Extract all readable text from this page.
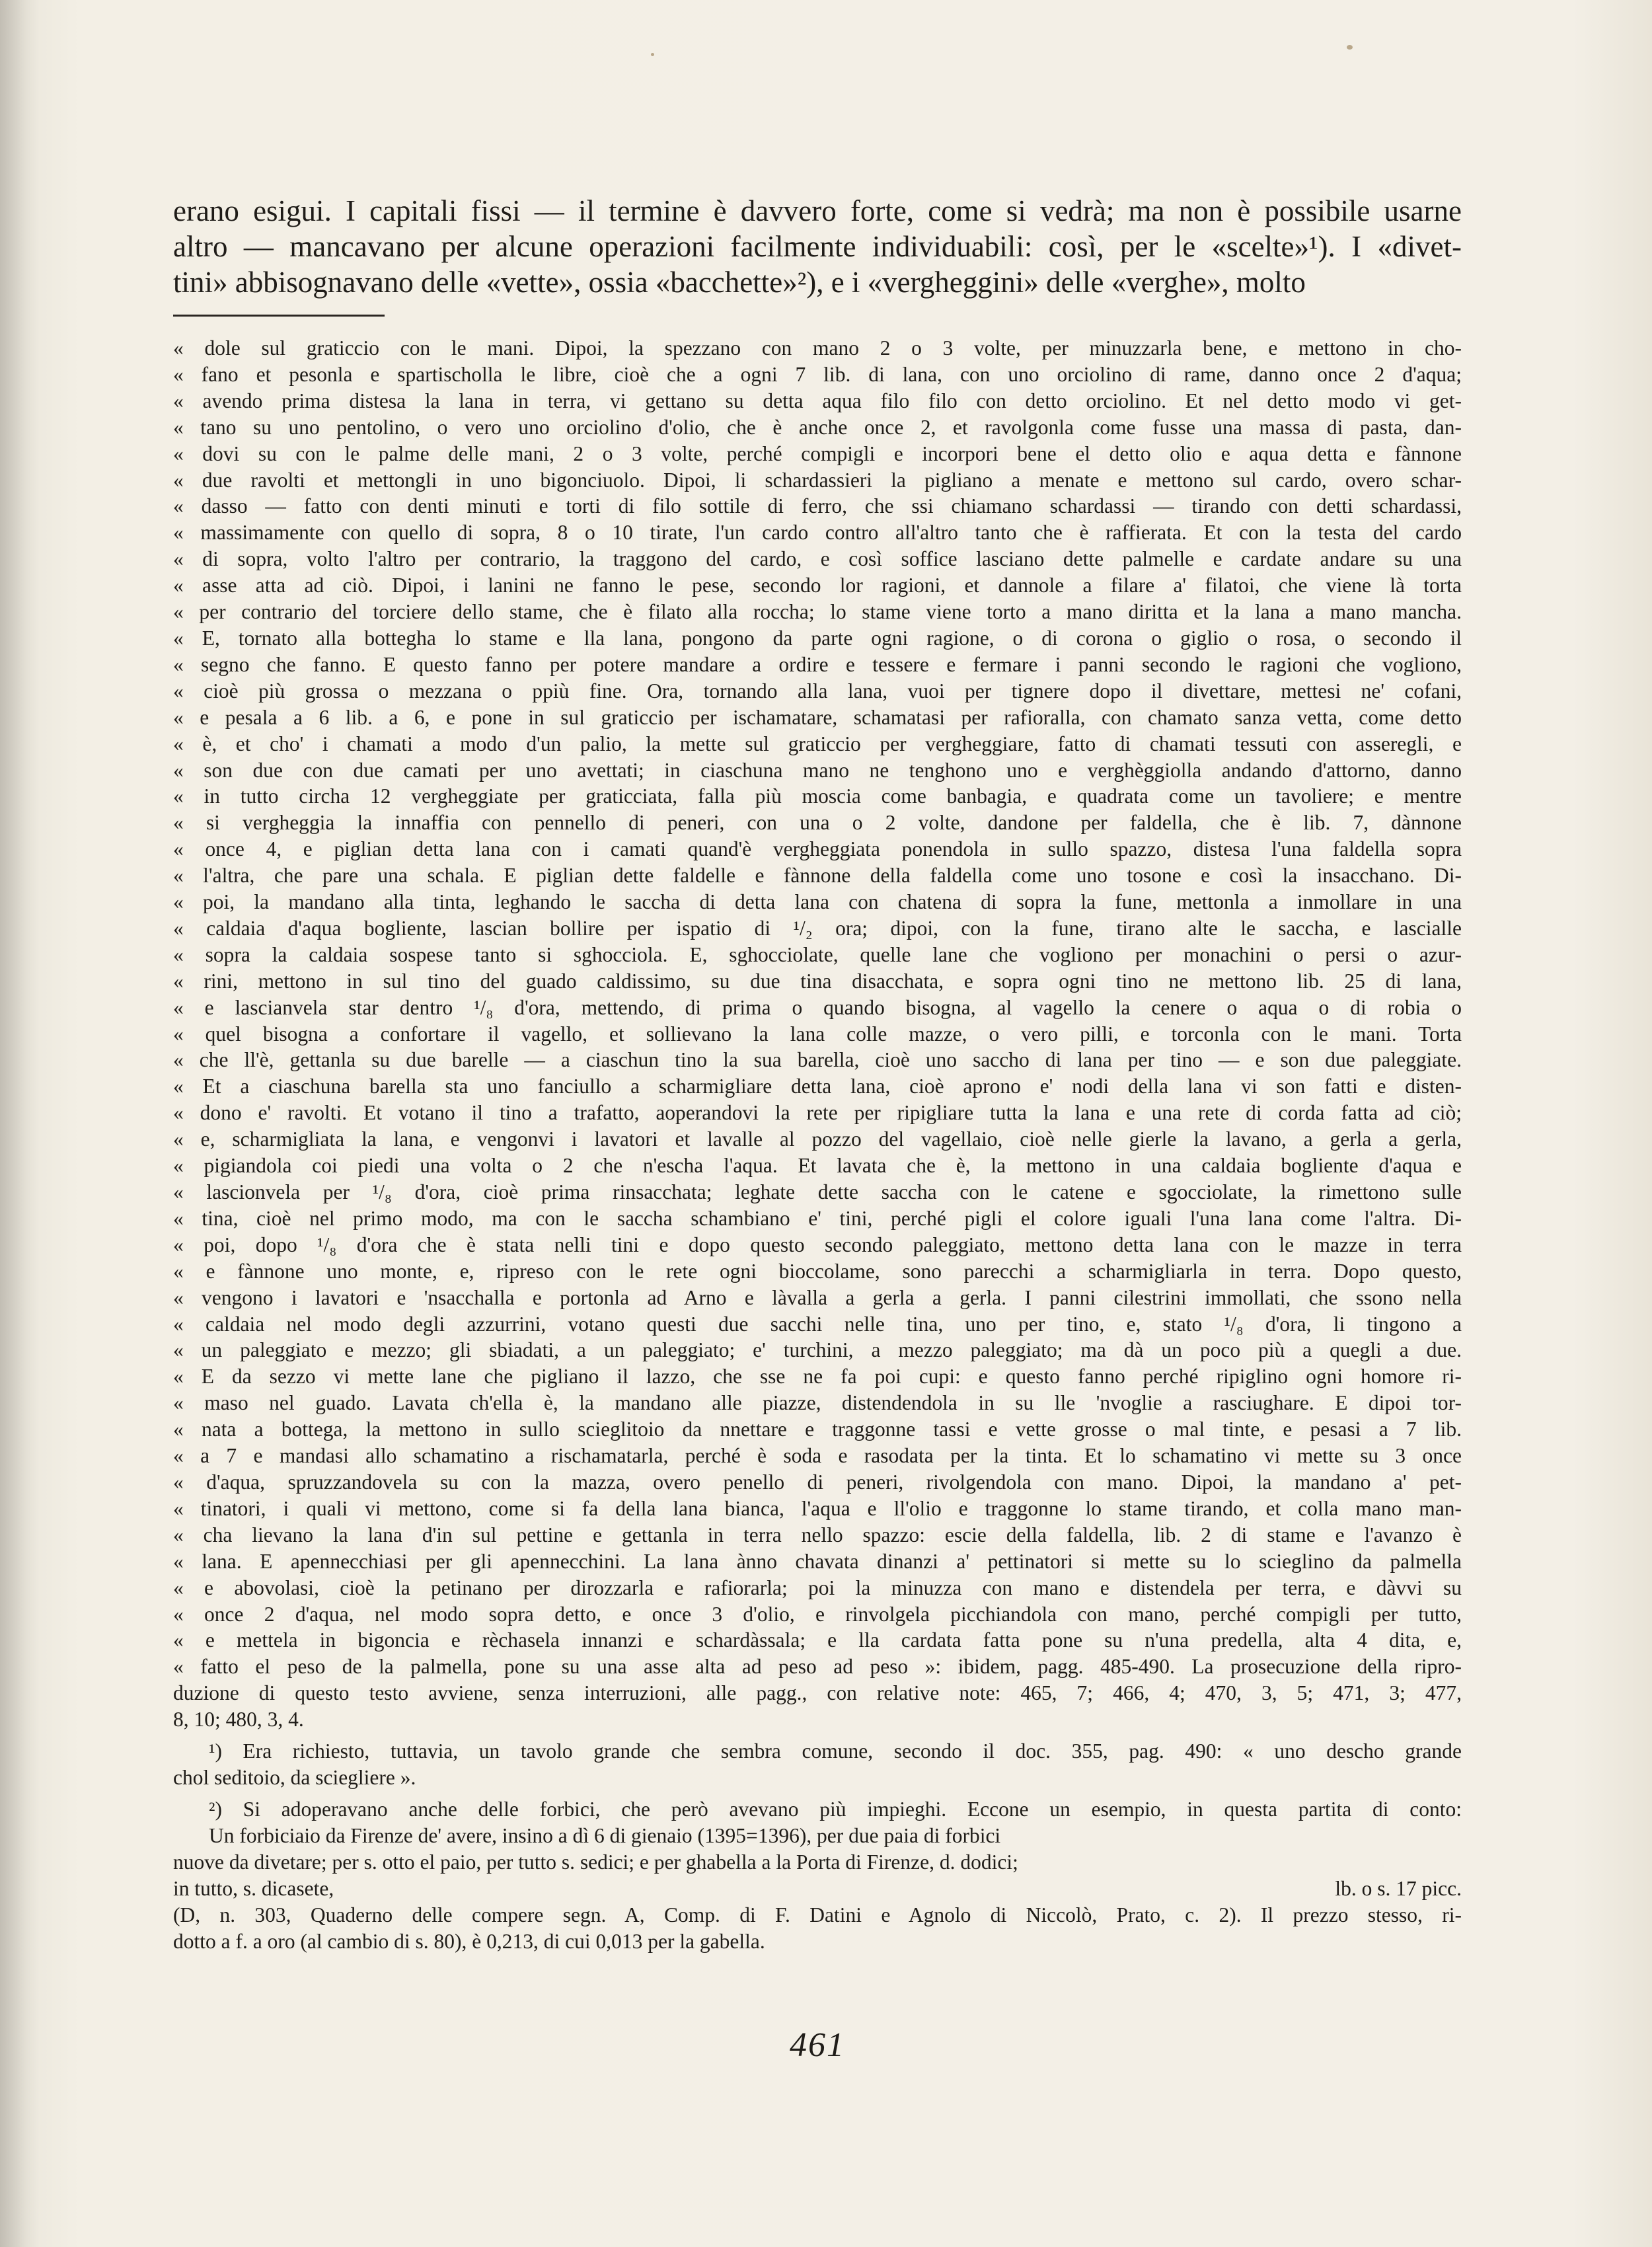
erano esigui. I capitali fissi — il termine è davvero forte, come si vedrà; ma non è possibile usarne
altro — mancavano per alcune operazioni facilmente individuabili: così, per le «scelte»¹). I «divet-
tini» abbisognavano delle «vette», ossia «bacchette»²), e i «vergheggini» delle «verghe», molto

« dole sul graticcio con le mani. Dipoi, la spezzano con mano 2 o 3 volte, per minuzzarla bene, e mettono in cho-
« fano et pesonla e spartischolla le libre, cioè che a ogni 7 lib. di lana, con uno orciolino di rame, danno once 2 d'aqua;
« avendo prima distesa la lana in terra, vi gettano su detta aqua filo filo con detto orciolino. Et nel detto modo vi get-
« tano su uno pentolino, o vero uno orciolino d'olio, che è anche once 2, et ravolgonla come fusse una massa di pasta, dan-
« dovi su con le palme delle mani, 2 o 3 volte, perché compigli e incorpori bene el detto olio e aqua detta e fànnone
« due ravolti et mettongli in uno bigonciuolo. Dipoi, li schardassieri la pigliano a menate e mettono sul cardo, overo schar-
« dasso — fatto con denti minuti e torti di filo sottile di ferro, che ssi chiamano schardassi — tirando con detti schardassi,
« massimamente con quello di sopra, 8 o 10 tirate, l'un cardo contro all'altro tanto che è raffierata. Et con la testa del cardo
« di sopra, volto l'altro per contrario, la traggono del cardo, e così soffice lasciano dette palmelle e cardate andare su una
« asse atta ad ciò. Dipoi, i lanini ne fanno le pese, secondo lor ragioni, et dannole a filare a' filatoi, che viene là torta
« per contrario del torciere dello stame, che è filato alla roccha; lo stame viene torto a mano diritta et la lana a mano mancha.
« E, tornato alla bottegha lo stame e lla lana, pongono da parte ogni ragione, o di corona o giglio o rosa, o secondo il
« segno che fanno. E questo fanno per potere mandare a ordire e tessere e fermare i panni secondo le ragioni che vogliono,
« cioè più grossa o mezzana o ppiù fine. Ora, tornando alla lana, vuoi per tignere dopo il divettare, mettesi ne' cofani,
« e pesala a 6 lib. a 6, e pone in sul graticcio per ischamatare, schamatasi per rafioralla, con chamato sanza vetta, come detto
« è, et cho' i chamati a modo d'un palio, la mette sul graticcio per vergheggiare, fatto di chamati tessuti con asseregli, e
« son due con due camati per uno avettati; in ciaschuna mano ne tenghono uno e verghèggiolla andando d'attorno, danno
« in tutto circha 12 vergheggiate per graticciata, falla più moscia come banbagia, e quadrata come un tavoliere; e mentre
« si vergheggia la innaffia con pennello di peneri, con una o 2 volte, dandone per faldella, che è lib. 7, dànnone
« once 4, e piglian detta lana con i camati quand'è vergheggiata ponendola in sullo spazzo, distesa l'una faldella sopra
« l'altra, che pare una schala. E piglian dette faldelle e fànnone della faldella come uno tosone e così la insacchano. Di-
« poi, la mandano alla tinta, leghando le saccha di detta lana con chatena di sopra la fune, mettonla a inmollare in una
« caldaia d'aqua bogliente, lascian bollire per ispatio di ¹/₂ ora; dipoi, con la fune, tirano alte le saccha, e lascialle
« sopra la caldaia sospese tanto si sghocciola. E, sghocciolate, quelle lane che vogliono per monachini o persi o azur-
« rini, mettono in sul tino del guado caldissimo, su due tina disacchata, e sopra ogni tino ne mettono lib. 25 di lana,
« e lascianvela star dentro ¹/₈ d'ora, mettendo, di prima o quando bisogna, al vagello la cenere o aqua o di robia o
« quel bisogna a confortare il vagello, et sollievano la lana colle mazze, o vero pilli, e torconla con le mani. Torta
« che ll'è, gettanla su due barelle — a ciaschun tino la sua barella, cioè uno saccho di lana per tino — e son due paleggiate.
« Et a ciaschuna barella sta uno fanciullo a scharmigliare detta lana, cioè aprono e' nodi della lana vi son fatti e disten-
« dono e' ravolti. Et votano il tino a trafatto, aoperandovi la rete per ripigliare tutta la lana e una rete di corda fatta ad ciò;
« e, scharmigliata la lana, e vengonvi i lavatori et lavalle al pozzo del vagellaio, cioè nelle gierle la lavano, a gerla a gerla,
« pigiandola coi piedi una volta o 2 che n'escha l'aqua. Et lavata che è, la mettono in una caldaia bogliente d'aqua e
« lascionvela per ¹/₈ d'ora, cioè prima rinsacchata; leghate dette saccha con le catene e sgocciolate, la rimettono sulle
« tina, cioè nel primo modo, ma con le saccha schambiano e' tini, perché pigli el colore iguali l'una lana come l'altra. Di-
« poi, dopo ¹/₈ d'ora che è stata nelli tini e dopo questo secondo paleggiato, mettono detta lana con le mazze in terra
« e fànnone uno monte, e, ripreso con le rete ogni bioccolame, sono parecchi a scharmigliarla in terra. Dopo questo,
« vengono i lavatori e 'nsacchalla e portonla ad Arno e làvalla a gerla a gerla. I panni cilestrini immollati, che ssono nella
« caldaia nel modo degli azzurrini, votano questi due sacchi nelle tina, uno per tino, e, stato ¹/₈ d'ora, li tingono a
« un paleggiato e mezzo; gli sbiadati, a un paleggiato; e' turchini, a mezzo paleggiato; ma dà un poco più a quegli a due.
« E da sezzo vi mette lane che pigliano il lazzo, che sse ne fa poi cupi: e questo fanno perché ripiglino ogni homore ri-
« maso nel guado. Lavata ch'ella è, la mandano alle piazze, distendendola in su lle 'nvoglie a rasciughare. E dipoi tor-
« nata a bottega, la mettono in sullo scieglitoio da nnettare e traggonne tassi e vette grosse o mal tinte, e pesasi a 7 lib.
« a 7 e mandasi allo schamatino a rischamatarla, perché è soda e rasodata per la tinta. Et lo schamatino vi mette su 3 once
« d'aqua, spruzzandovela su con la mazza, overo penello di peneri, rivolgendola con mano. Dipoi, la mandano a' pet-
« tinatori, i quali vi mettono, come si fa della lana bianca, l'aqua e ll'olio e traggonne lo stame tirando, et colla mano man-
« cha lievano la lana d'in sul pettine e gettanla in terra nello spazzo: escie della faldella, lib. 2 di stame e l'avanzo è
« lana. E apennecchiasi per gli apennecchini. La lana ànno chavata dinanzi a' pettinatori si mette su lo scieglino da palmella
« e abovolasi, cioè la petinano per dirozzarla e rafiorarla; poi la minuzza con mano e distendela per terra, e dàvvi su
« once 2 d'aqua, nel modo sopra detto, e once 3 d'olio, e rinvolgela picchiandola con mano, perché compigli per tutto,
« e mettela in bigoncia e rèchasela innanzi e schardàssala; e lla cardata fatta pone su n'una predella, alta 4 dita, e,
« fatto el peso de la palmella, pone su una asse alta ad peso ad peso »: ibidem, pagg. 485-490. La prosecuzione della ripro-
duzione di questo testo avviene, senza interruzioni, alle pagg., con relative note: 465, 7; 466, 4; 470, 3, 5; 471, 3; 477,
8, 10; 480, 3, 4.
¹) Era richiesto, tuttavia, un tavolo grande che sembra comune, secondo il doc. 355, pag. 490: « uno deschо grande
chol seditoio, da sciegliere ».
²) Si adoperavano anche delle forbici, che però avevano più impieghi. Eccone un esempio, in questa partita di conto:
Un forbiciaio da Firenze de' avere, insino a dì 6 di gienaio (1395=1396), per due paia di forbici
nuove da divetare; per s. otto el paio, per tutto s. sedici; e per ghabella a la Porta di Firenze, d. dodici;
in tutto, s. dicasete,	lb. o s. 17 picc.
(D, n. 303, Quaderno delle compere segn. A, Comp. di F. Datini e Agnolo di Niccolò, Prato, c. 2). Il prezzo stesso, ri-
dotto a f. a oro (al cambio di s. 80), è 0,213, di cui 0,013 per la gabella.
461
